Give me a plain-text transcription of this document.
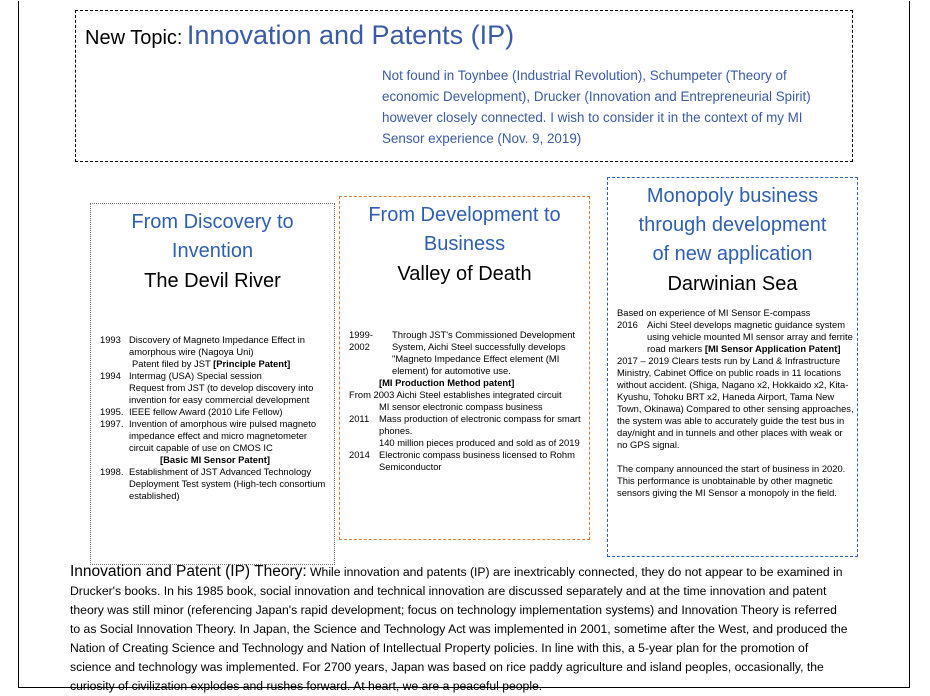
New Topic: Innovation and Patents (IP)
Not found in Toynbee (Industrial Revolution), Schumpeter (Theory of economic Development), Drucker (Innovation and Entrepreneurial Spirit) however closely connected. I wish to consider it in the context of my MI Sensor experience (Nov. 9, 2019)
From Discovery to
Invention
The Devil River
1993 Discovery of Magneto Impedance Effect in amorphous wire (Nagoya Uni)
Patent filed by JST [Principle Patent]
1994 Intermag (USA) Special session
Request from JST (to develop discovery into invention for easy commercial development
1995. IEEE fellow Award (2010 Life Fellow)
1997. Invention of amorphous wire pulsed magneto impedance effect and micro magnetometer circuit capable of use on CMOS IC
[Basic MI Sensor Patent]
1998. Establishment of JST Advanced Technology Deployment Test system (High-tech consortium established)
From Development to
Business
Valley of Death
1999-2002
Through JST's Commissioned Development System, Aichi Steel successfully develops "Magneto Impedance Effect element (MI element) for automotive use.
[MI Production Method patent]
From 2003 Aichi Steel establishes integrated circuit
MI sensor electronic compass business
2011	Mass production of electronic compass for smart phones.
140 million pieces produced and sold as of 2019
2014 Electronic compass business licensed to Rohm Semiconductor
Monopoly business
through development
of new application
Darwinian Sea
Based on experience of MI Sensor E-compass
2016 Aichi Steel develops magnetic guidance system using vehicle mounted MI sensor array and ferrite road markers [MI Sensor Application Patent]
2017 – 2019 Clears tests run by Land & Infrastructure Ministry, Cabinet Office on public roads in 11 locations without accident. (Shiga, Nagano x2, Hokkaido x2, Kita-Kyushu, Tohoku BRT x2, Haneda Airport, Tama New Town, Okinawa) Compared to other sensing approaches, the system was able to accurately guide the test bus in day/night and in tunnels and other places with weak or no GPS signal.
The company announced the start of business in 2020. This performance is unobtainable by other magnetic sensors giving the MI Sensor a monopoly in the field.
Innovation and Patent (IP) Theory: While innovation and patents (IP) are inextricably connected, they do not appear to be examined in Drucker's books. In his 1985 book, social innovation and technical innovation are discussed separately and at the time innovation and patent theory was still minor (referencing Japan's rapid development; focus on technology implementation systems) and Innovation Theory is referred to as Social Innovation Theory. In Japan, the Science and Technology Act was implemented in 2001, sometime after the West, and produced the Nation of Creating Science and Technology and Nation of Intellectual Property policies. In line with this, a 5-year plan for the promotion of science and technology was implemented. For 2700 years, Japan was based on rice paddy agriculture and island peoples, occasionally, the curiosity of civilization explodes and rushes forward. At heart, we are a peaceful people.
